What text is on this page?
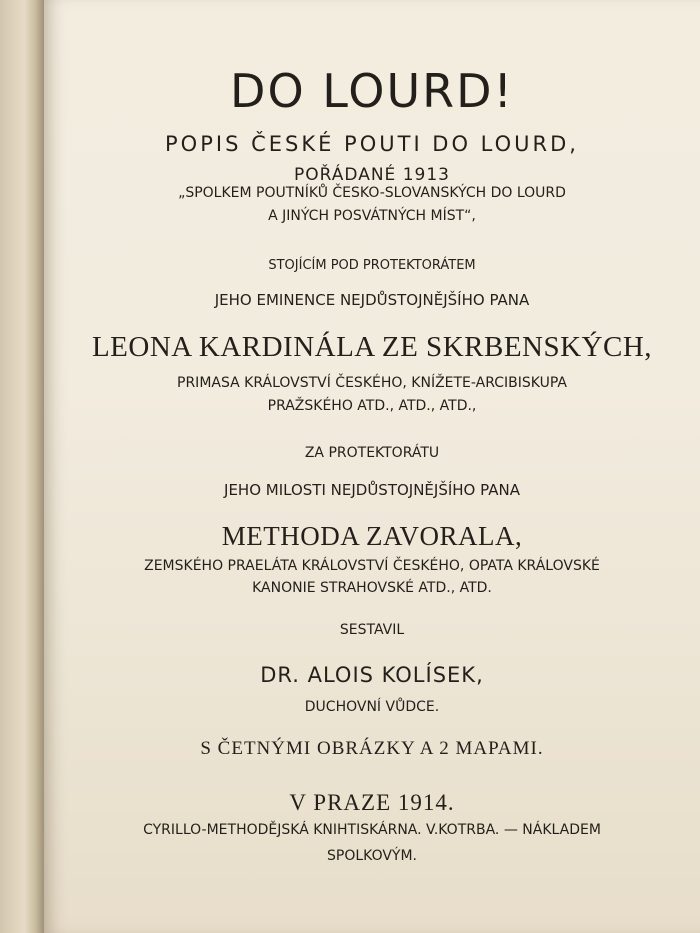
DO LOURD!

POPIS ČESKÉ POUTI DO LOURD,

POŘÁDANÉ 1913

„SPOLKEM POUTNÍKŮ ČESKO-SLOVANSKÝCH DO LOURD

A JINÝCH POSVÁTNÝCH MÍST“,

STOJÍCÍM POD PROTEKTORÁTEM

JEHO EMINENCE NEJDŮSTOJNĚJŠÍHO PANA

LEONA KARDINÁLA ZE SKRBENSKÝCH,

PRIMASA KRÁLOVSTVÍ ČESKÉHO, KNÍŽETE-ARCIBISKUPA

PRAŽSKÉHO ATD., ATD., ATD.,

ZA PROTEKTORÁTU

JEHO MILOSTI NEJDŮSTOJNĚJŠÍHO PANA

METHODA ZAVORALA,

ZEMSKÉHO PRAELÁTA KRÁLOVSTVÍ ČESKÉHO, OPATA KRÁLOVSKÉ

KANONIE STRAHOVSKÉ ATD., ATD.

SESTAVIL

DR. ALOIS KOLÍSEK,

DUCHOVNÍ VŮDCE.

S ČETNÝMI OBRÁZKY A 2 MAPAMI.

V PRAZE 1914.

CYRILLO-METHODĚJSKÁ KNIHTISKÁRNA. V.KOTRBA. — NÁKLADEM

SPOLKOVÝM.
